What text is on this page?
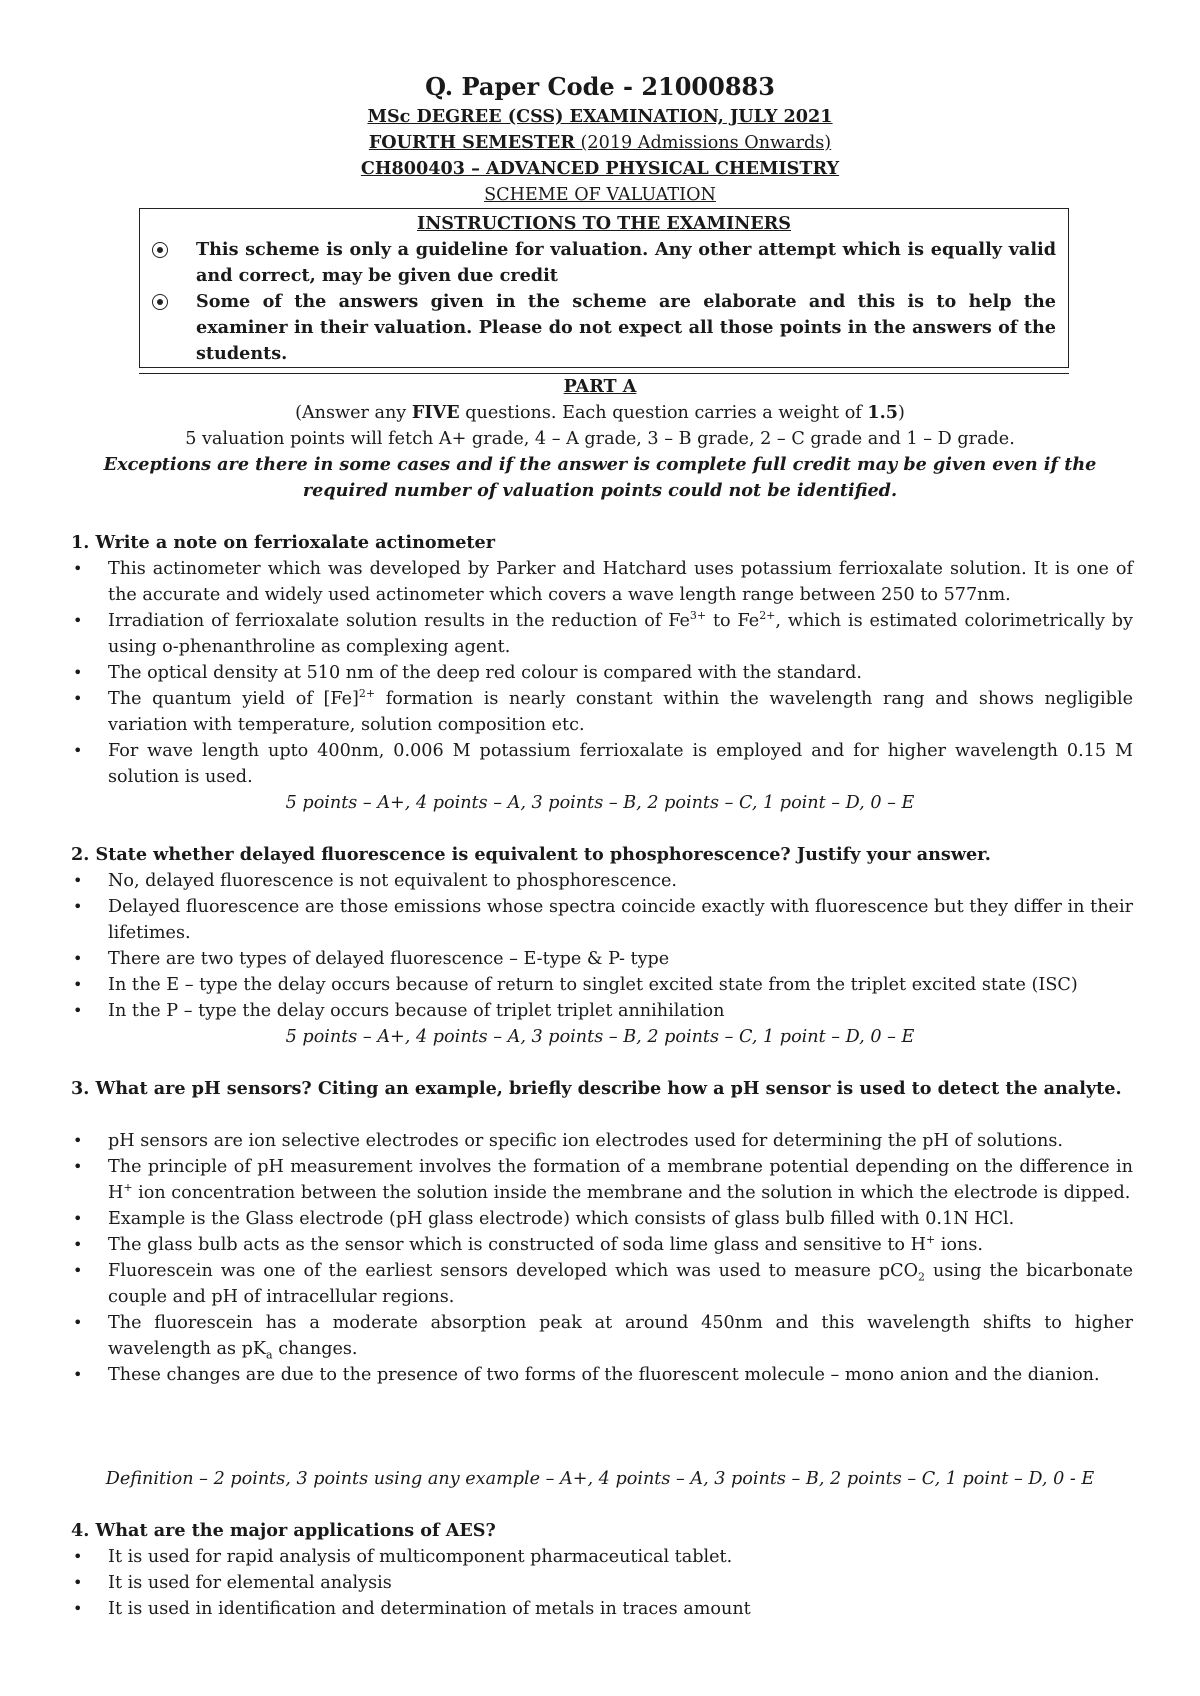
Q. Paper Code - 21000883
MSc DEGREE (CSS) EXAMINATION, JULY 2021
FOURTH SEMESTER (2019 Admissions Onwards)
CH800403 – ADVANCED PHYSICAL CHEMISTRY
SCHEME OF VALUATION
INSTRUCTIONS TO THE EXAMINERS
This scheme is only a guideline for valuation. Any other attempt which is equally valid and correct, may be given due credit
Some of the answers given in the scheme are elaborate and this is to help the examiner in their valuation. Please do not expect all those points in the answers of the students.
PART A
(Answer any FIVE questions. Each question carries a weight of 1.5)
5 valuation points will fetch A+ grade, 4 – A grade, 3 – B grade, 2 – C grade and 1 – D grade.
Exceptions are there in some cases and if the answer is complete full credit may be given even if the required number of valuation points could not be identified.
1. Write a note on ferrioxalate actinometer
• This actinometer which was developed by Parker and Hatchard uses potassium ferrioxalate solution. It is one of the accurate and widely used actinometer which covers a wave length range between 250 to 577nm.
• Irradiation of ferrioxalate solution results in the reduction of $Fe^{3+}$ to $Fe^{2+}$, which is estimated colorimetrically by using o-phenanthroline as complexing agent.
• The optical density at 510 nm of the deep red colour is compared with the standard.
• The quantum yield of $[Fe]^{2+}$ formation is nearly constant within the wavelength rang and shows negligible variation with temperature, solution composition etc.
• For wave length upto 400nm, 0.006 M potassium ferrioxalate is employed and for higher wavelength 0.15 M solution is used.
5 points – A+, 4 points – A, 3 points – B, 2 points – C, 1 point – D, 0 – E
2. State whether delayed fluorescence is equivalent to phosphorescence? Justify your answer.
• No, delayed fluorescence is not equivalent to phosphorescence.
• Delayed fluorescence are those emissions whose spectra coincide exactly with fluorescence but they differ in their lifetimes.
• There are two types of delayed fluorescence – E-type & P- type
• In the E – type the delay occurs because of return to singlet excited state from the triplet excited state (ISC)
• In the P – type the delay occurs because of triplet triplet annihilation
5 points – A+, 4 points – A, 3 points – B, 2 points – C, 1 point – D, 0 – E
3. What are pH sensors? Citing an example, briefly describe how a pH sensor is used to detect the analyte.
• pH sensors are ion selective electrodes or specific ion electrodes used for determining the pH of solutions.
• The principle of pH measurement involves the formation of a membrane potential depending on the difference in H+ ion concentration between the solution inside the membrane and the solution in which the electrode is dipped.
• Example is the Glass electrode (pH glass electrode) which consists of glass bulb filled with 0.1N HCl.
• The glass bulb acts as the sensor which is constructed of soda lime glass and sensitive to H+ ions.
• Fluorescein was one of the earliest sensors developed which was used to measure pCO$_2$ using the bicarbonate couple and pH of intracellular regions.
• The fluorescein has a moderate absorption peak at around 450nm and this wavelength shifts to higher wavelength as $pK_a$ changes.
• These changes are due to the presence of two forms of the fluorescent molecule – mono anion and the dianion.
Definition – 2 points, 3 points using any example – A+, 4 points – A, 3 points – B, 2 points – C, 1 point – D, 0 - E
4. What are the major applications of AES?
• It is used for rapid analysis of multicomponent pharmaceutical tablet.
• It is used for elemental analysis
• It is used in identification and determination of metals in traces amount
